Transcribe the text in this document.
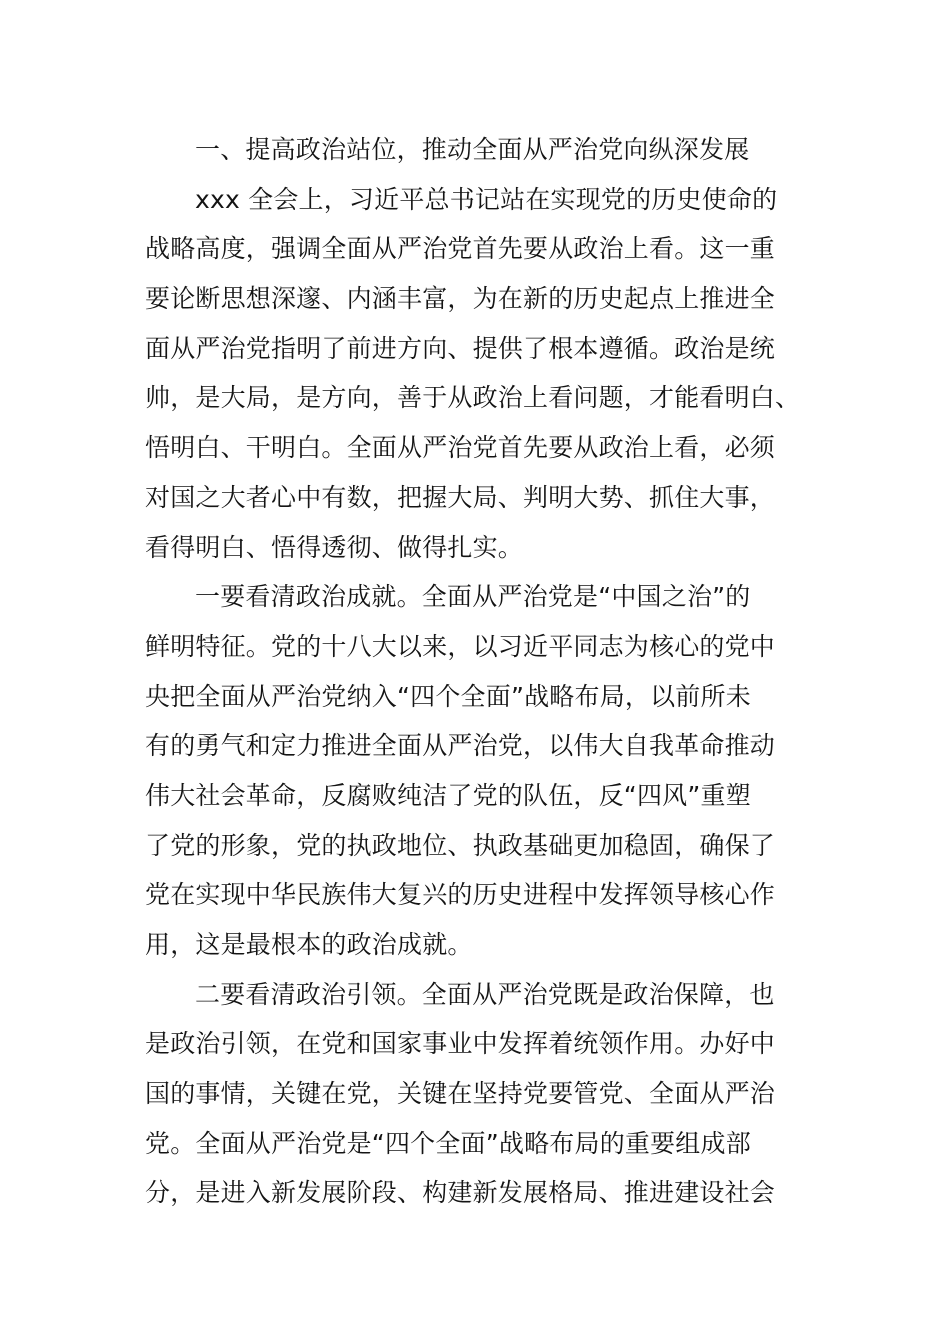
一、提高政治站位，推动全面从严治党向纵深发展
xxx 全会上，习近平总书记站在实现党的历史使命的
战略高度，强调全面从严治党首先要从政治上看。这一重
要论断思想深邃、内涵丰富，为在新的历史起点上推进全
面从严治党指明了前进方向、提供了根本遵循。政治是统
帅，是大局，是方向，善于从政治上看问题，才能看明白、
悟明白、干明白。全面从严治党首先要从政治上看，必须
对国之大者心中有数，把握大局、判明大势、抓住大事，
看得明白、悟得透彻、做得扎实。
一要看清政治成就。全面从严治党是“中国之治”的
鲜明特征。党的十八大以来，以习近平同志为核心的党中
央把全面从严治党纳入“四个全面”战略布局，以前所未
有的勇气和定力推进全面从严治党，以伟大自我革命推动
伟大社会革命，反腐败纯洁了党的队伍，反“四风”重塑
了党的形象，党的执政地位、执政基础更加稳固，确保了
党在实现中华民族伟大复兴的历史进程中发挥领导核心作
用，这是最根本的政治成就。
二要看清政治引领。全面从严治党既是政治保障，也
是政治引领，在党和国家事业中发挥着统领作用。办好中
国的事情，关键在党，关键在坚持党要管党、全面从严治
党。全面从严治党是“四个全面”战略布局的重要组成部
分，是进入新发展阶段、构建新发展格局、推进建设社会
